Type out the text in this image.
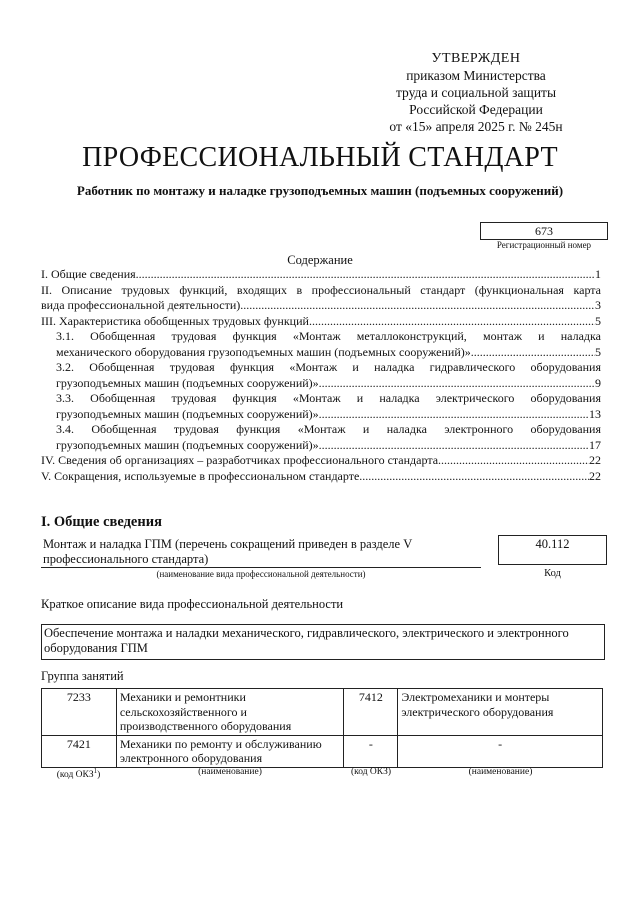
УТВЕРЖДЕН
приказом Министерства
труда и социальной защиты
Российской Федерации
от «15» апреля 2025 г. № 245н
ПРОФЕССИОНАЛЬНЫЙ СТАНДАРТ
Работник по монтажу и наладке грузоподъемных машин (подъемных сооружений)
673
Регистрационный номер
Содержание
I. Общие сведения .....	1
II. Описание трудовых функций, входящих в профессиональный стандарт (функциональная карта
вида профессиональной деятельности) .....	3
III. Характеристика обобщенных трудовых функций .....	5
3.1. Обобщенная трудовая функция «Монтаж металлоконструкций, монтаж и наладка
механического оборудования грузоподъемных машин (подъемных сооружений)» .....	5
3.2. Обобщенная трудовая функция «Монтаж и наладка гидравлического оборудования
грузоподъемных машин (подъемных сооружений)» .....	9
3.3. Обобщенная трудовая функция «Монтаж и наладка электрического оборудования
грузоподъемных машин (подъемных сооружений)» .....	13
3.4. Обобщенная трудовая функция «Монтаж и наладка электронного оборудования
грузоподъемных машин (подъемных сооружений)» .....	17
IV. Сведения об организациях – разработчиках профессионального стандарта .....	22
V. Сокращения, используемые в профессиональном стандарте .....	22
I. Общие сведения
Монтаж и наладка ГПМ (перечень сокращений приведен в разделе V профессионального стандарта)
(наименование вида профессиональной деятельности)
40.112
Код
Краткое описание вида профессиональной деятельности
Обеспечение монтажа и наладки механического, гидравлического, электрического и электронного оборудования ГПМ
Группа занятий
7233	Механики и ремонтники сельскохозяйственного и производственного оборудования	7412	Электромеханики и монтеры электрического оборудования
7421	Механики по ремонту и обслуживанию электронного оборудования	-	-
(код ОКЗ$^1$)	(наименование)	(код ОКЗ)	(наименование)
